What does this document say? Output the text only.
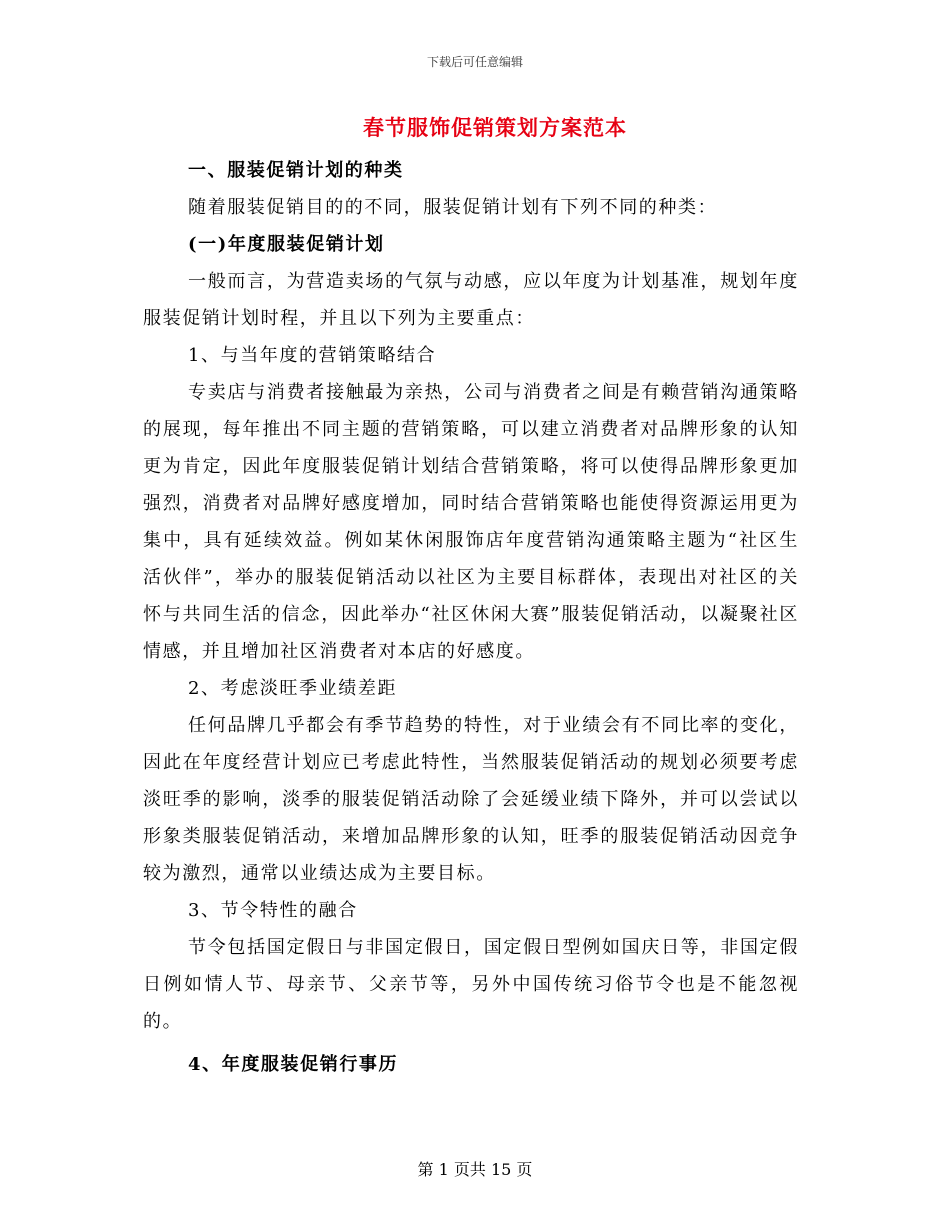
下载后可任意编辑
春节服饰促销策划方案范本

一、服装促销计划的种类

随着服装促销目的的不同，服装促销计划有下列不同的种类：

(一)年度服装促销计划

一般而言，为营造卖场的气氛与动感，应以年度为计划基准，规划年度服装促销计划时程，并且以下列为主要重点：

1、与当年度的营销策略结合

专卖店与消费者接触最为亲热，公司与消费者之间是有赖营销沟通策略的展现，每年推出不同主题的营销策略，可以建立消费者对品牌形象的认知更为肯定，因此年度服装促销计划结合营销策略，将可以使得品牌形象更加强烈，消费者对品牌好感度增加，同时结合营销策略也能使得资源运用更为集中，具有延续效益。例如某休闲服饰店年度营销沟通策略主题为“社区生活伙伴”，举办的服装促销活动以社区为主要目标群体，表现出对社区的关怀与共同生活的信念，因此举办“社区休闲大赛”服装促销活动，以凝聚社区情感，并且增加社区消费者对本店的好感度。

2、考虑淡旺季业绩差距

任何品牌几乎都会有季节趋势的特性，对于业绩会有不同比率的变化，因此在年度经营计划应已考虑此特性，当然服装促销活动的规划必须要考虑淡旺季的影响，淡季的服装促销活动除了会延缓业绩下降外，并可以尝试以形象类服装促销活动，来增加品牌形象的认知，旺季的服装促销活动因竞争较为激烈，通常以业绩达成为主要目标。

3、节令特性的融合

节令包括国定假日与非国定假日，国定假日型例如国庆日等，非国定假日例如情人节、母亲节、父亲节等，另外中国传统习俗节令也是不能忽视的。

4、年度服装促销行事历

第 1 页共 15 页
